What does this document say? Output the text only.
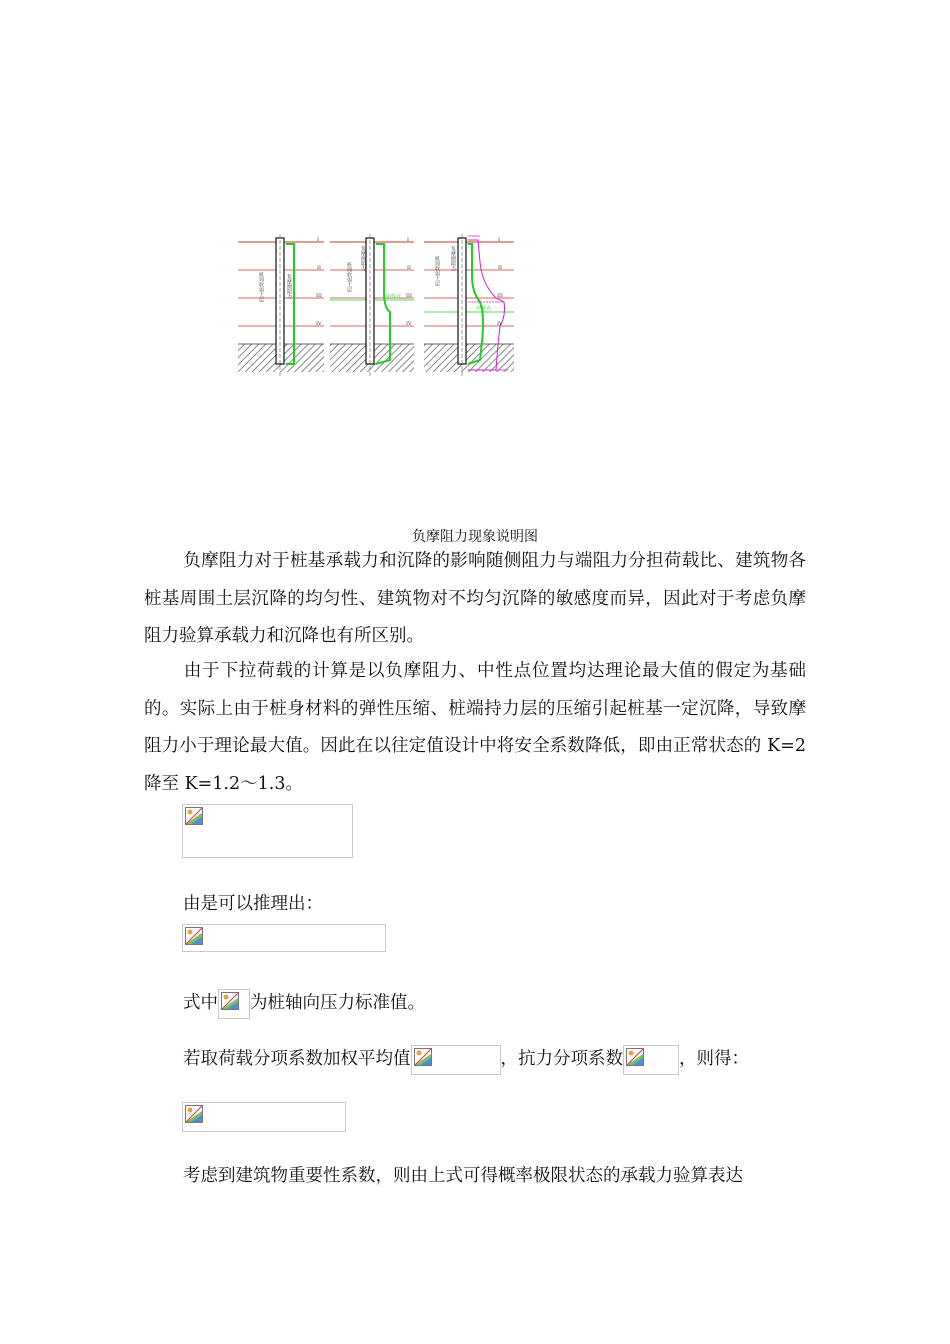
I
II
III
IV
桩周软弱土层	负摩擦阻力
I
II
III
IV
负摩擦阻力
桩周软弱土层
中性点
I
II
III
IV
负摩擦阻力
桩周软弱土层
中性点
负摩阻力现象说明图
负摩阻力对于桩基承载力和沉降的影响随侧阻力与端阻力分担荷载比、建筑物各桩基周围土层沉降的均匀性、建筑物对不均匀沉降的敏感度而异，因此对于考虑负摩阻力验算承载力和沉降也有所区别。
由于下拉荷载的计算是以负摩阻力、中性点位置均达理论最大值的假定为基础的。实际上由于桩身材料的弹性压缩、桩端持力层的压缩引起桩基一定沉降，导致摩阻力小于理论最大值。因此在以往定值设计中将安全系数降低，即由正常状态的 K=2 降至 K=1.2～1.3。
由是可以推理出：
式中 为桩轴向压力标准值。
若取荷载分项系数加权平均值	，抗力分项系数	，则得：
考虑到建筑物重要性系数，则由上式可得概率极限状态的承载力验算表达
